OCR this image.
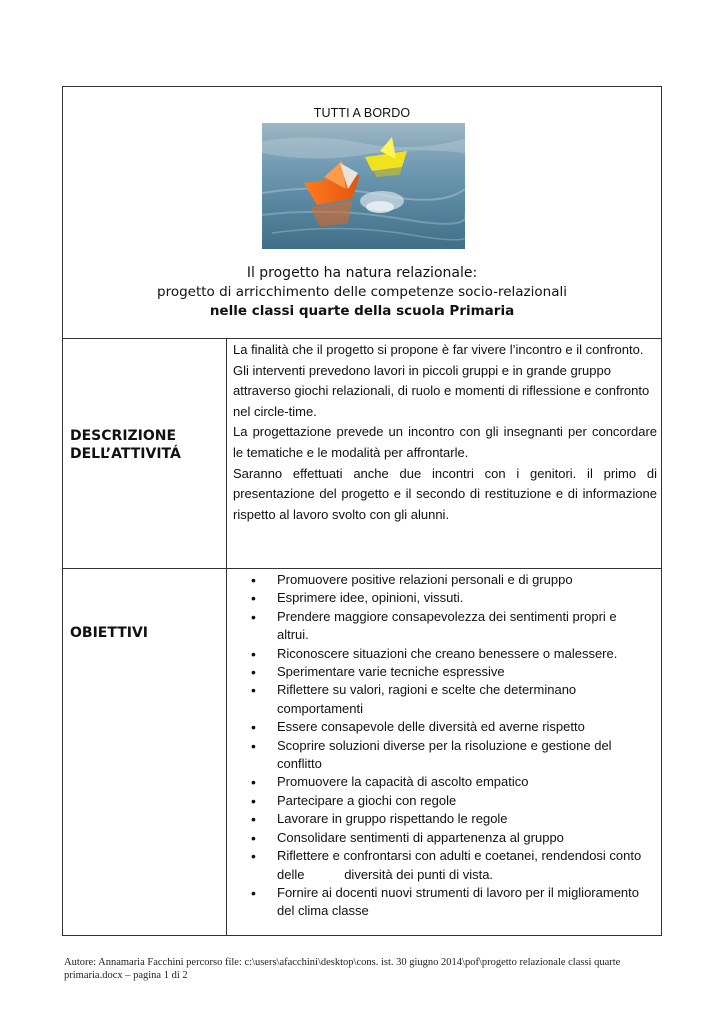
TUTTI A BORDO
Il progetto ha natura relazionale:
progetto di arricchimento delle competenze socio-relazionali
nelle classi quarte della scuola Primaria
DESCRIZIONE
DELL’ATTIVITÁ

La finalità che il progetto si propone è far vivere l’incontro e il confronto.

Gli interventi prevedono lavori in piccoli gruppi e in grande gruppo attraverso giochi relazionali, di ruolo e momenti di riflessione e confronto nel circle-time.

La progettazione prevede un incontro con gli insegnanti per concordare le tematiche e le modalità per affrontarle.

Saranno effettuati anche due incontri con i genitori. il primo di presentazione del progetto e il secondo di restituzione e di informazione rispetto al lavoro svolto con gli alunni.

OBIETTIVI
• Promuovere positive relazioni personali e di gruppo
• Esprimere idee, opinioni, vissuti.
• Prendere maggiore consapevolezza dei sentimenti propri e altrui.
• Riconoscere situazioni che creano benessere o malessere.
• Sperimentare varie tecniche espressive
• Riflettere su valori, ragioni e scelte che determinano comportamenti
• Essere consapevole delle diversità ed averne rispetto
• Scoprire soluzioni diverse per la risoluzione e gestione del conflitto
• Promuovere la capacità di ascolto empatico
• Partecipare a giochi con regole
• Lavorare in gruppo rispettando le regole
• Consolidare sentimenti di appartenenza al gruppo
• Riflettere e confrontarsi con adulti e coetanei, rendendosi conto delle           diversità dei punti di vista.
• Fornire ai docenti nuovi strumenti di lavoro per il miglioramento del clima classe
Autore: Annamaria Facchini percorso file: c:\users\afacchini\desktop\cons. ist. 30 giugno 2014\pof\progetto relazionale classi quarte primaria.docx – pagina 1 di 2
